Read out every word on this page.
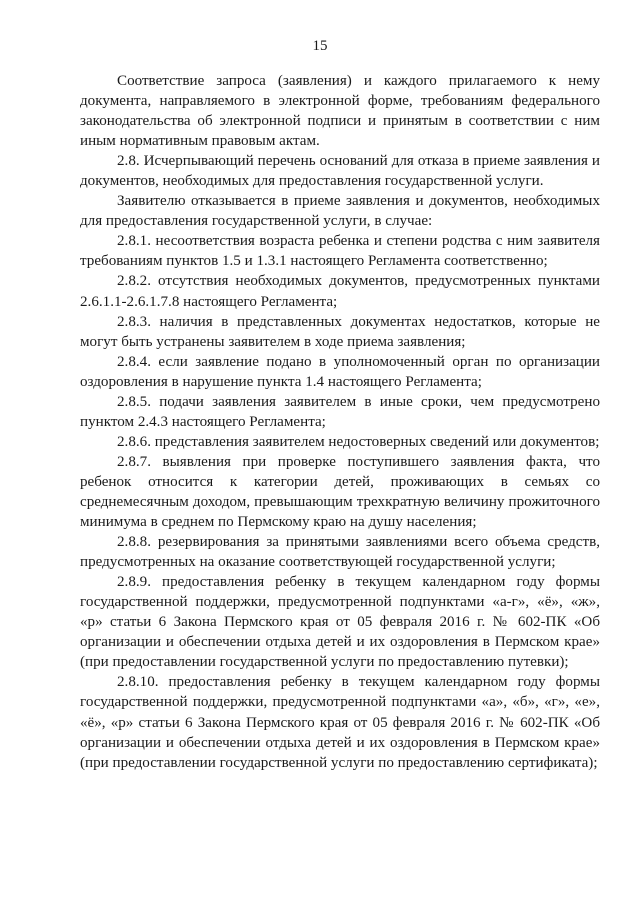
15

Соответствие запроса (заявления) и каждого прилагаемого к нему документа, направляемого в электронной форме, требованиям федерального законодательства об электронной подписи и принятым в соответствии с ним иным нормативным правовым актам.

2.8. Исчерпывающий перечень оснований для отказа в приеме заявления и документов, необходимых для предоставления государственной услуги.

Заявителю отказывается в приеме заявления и документов, необходимых для предоставления государственной услуги, в случае:

2.8.1. несоответствия возраста ребенка и степени родства с ним заявителя требованиям пунктов 1.5 и 1.3.1 настоящего Регламента соответственно;

2.8.2. отсутствия необходимых документов, предусмотренных пунктами 2.6.1.1-2.6.1.7.8 настоящего Регламента;

2.8.3. наличия в представленных документах недостатков, которые не могут быть устранены заявителем в ходе приема заявления;

2.8.4. если заявление подано в уполномоченный орган по организации оздоровления в нарушение пункта 1.4 настоящего Регламента;

2.8.5. подачи заявления заявителем в иные сроки, чем предусмотрено пунктом 2.4.3 настоящего Регламента;

2.8.6. представления заявителем недостоверных сведений или документов;

2.8.7. выявления при проверке поступившего заявления факта, что ребенок относится к категории детей, проживающих в семьях со среднемесячным доходом, превышающим трехкратную величину прожиточного минимума в среднем по Пермскому краю на душу населения;

2.8.8. резервирования за принятыми заявлениями всего объема средств, предусмотренных на оказание соответствующей государственной услуги;

2.8.9. предоставления ребенку в текущем календарном году формы государственной поддержки, предусмотренной подпунктами «а-г», «ё», «ж», «р» статьи 6 Закона Пермского края от 05 февраля 2016 г. № 602-ПК «Об организации и обеспечении отдыха детей и их оздоровления в Пермском крае» (при предоставлении государственной услуги по предоставлению путевки);

2.8.10. предоставления ребенку в текущем календарном году формы государственной поддержки, предусмотренной подпунктами «а», «б», «г», «е», «ё», «р» статьи 6 Закона Пермского края от 05 февраля 2016 г. № 602-ПК «Об организации и обеспечении отдыха детей и их оздоровления в Пермском крае» (при предоставлении государственной услуги по предоставлению сертификата);
